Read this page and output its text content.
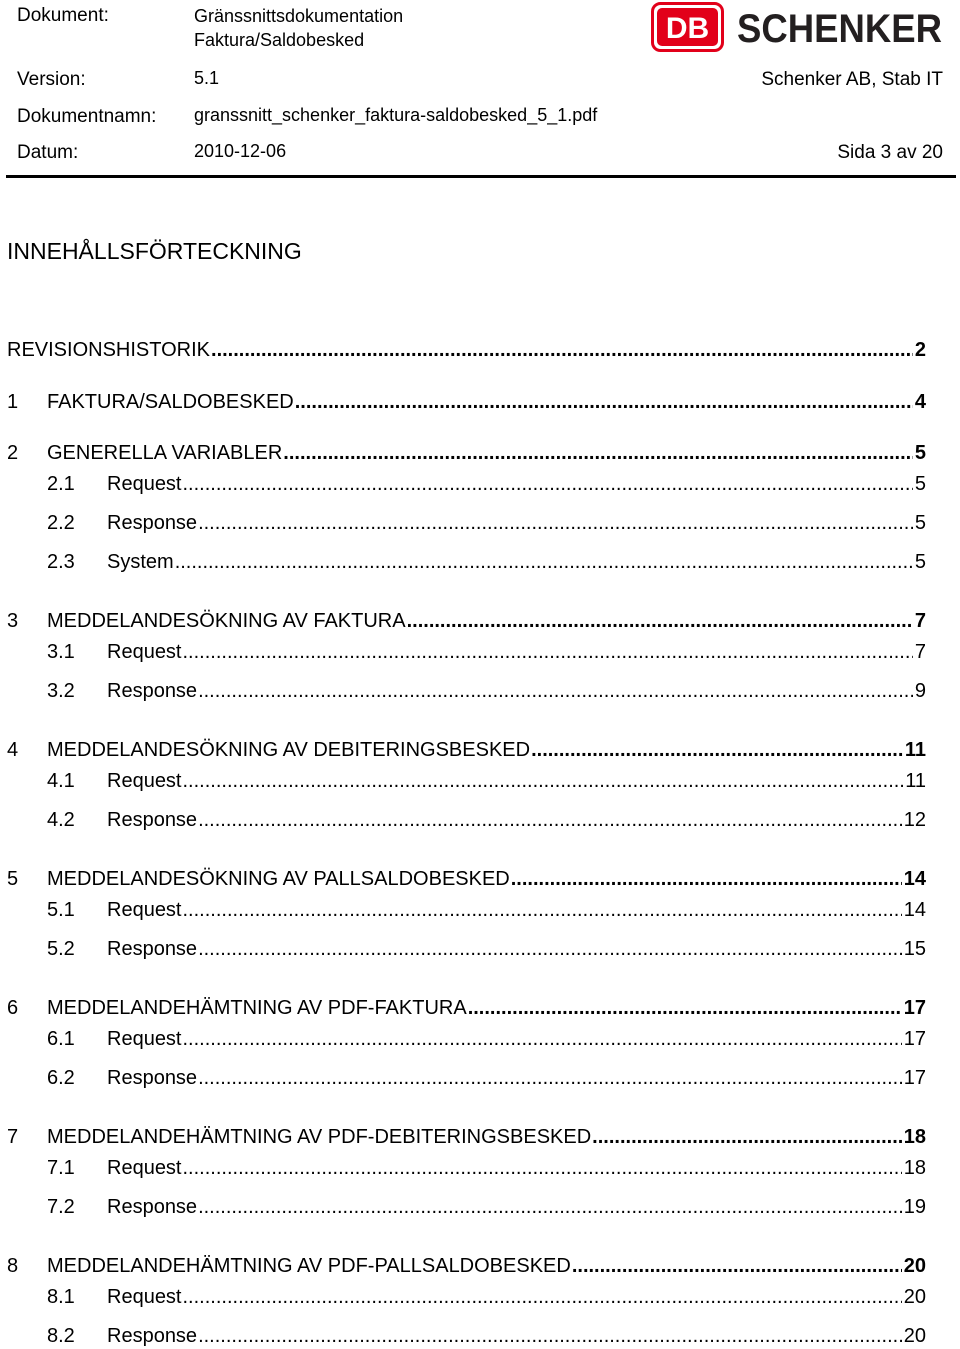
Dokument:	Gränssnittsdokumentation
Faktura/Saldobesked	DB SCHENKER
Version:	5.1	Schenker AB, Stab IT
Dokumentnamn: granssnitt_schenker_faktura-saldobesked_5_1.pdf
Datum:	2010-12-06	Sida 3 av 20
INNEHÅLLSFÖRTECKNING
REVISIONSHISTORIK .....	2
1	FAKTURA/SALDOBESKED .....	4
2	GENERELLA VARIABLER .....	5
2.1	Request .....	5
2.2	Response .....	5
2.3	System .....	5
3	MEDDELANDESÖKNING AV FAKTURA .....	7
3.1	Request .....	7
3.2	Response .....	9
4	MEDDELANDESÖKNING AV DEBITERINGSBESKED .....	11
4.1	Request .....	11
4.2	Response .....	12
5	MEDDELANDESÖKNING AV PALLSALDOBESKED .....	14
5.1	Request .....	14
5.2	Response .....	15
6	MEDDELANDEHÄMTNING AV PDF-FAKTURA .....	17
6.1	Request .....	17
6.2	Response .....	17
7	MEDDELANDEHÄMTNING AV PDF-DEBITERINGSBESKED .....	18
7.1	Request .....	18
7.2	Response .....	19
8	MEDDELANDEHÄMTNING AV PDF-PALLSALDOBESKED .....	20
8.1	Request .....	20
8.2	Response .....	20
